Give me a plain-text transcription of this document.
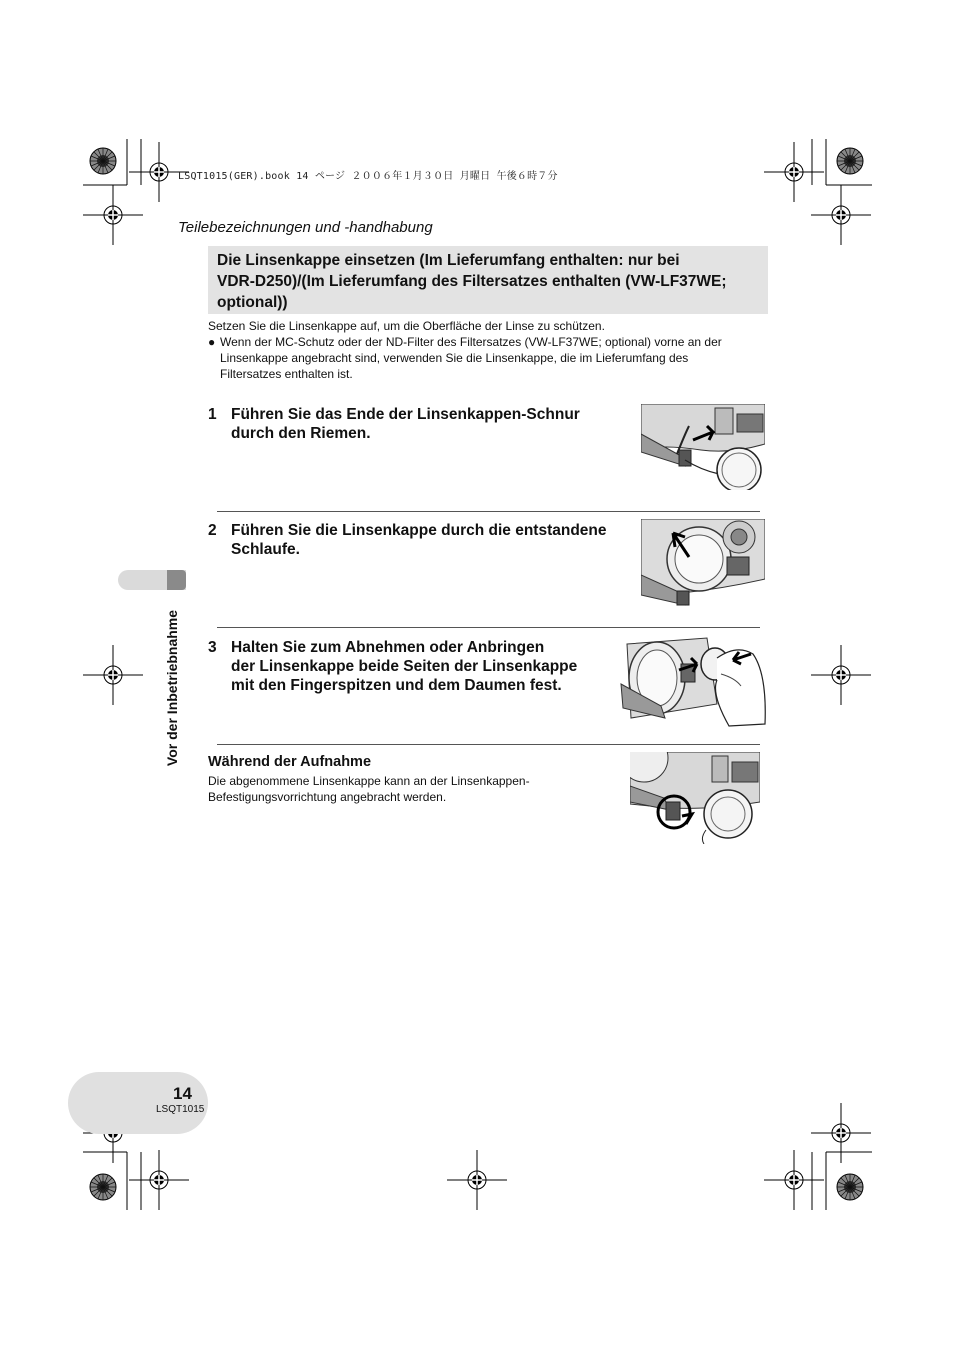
LSQT1015(GER).book 14 ページ ２００６年１月３０日 月曜日 午後６時７分
Teilebezeichnungen und -handhabung
Die Linsenkappe einsetzen (Im Lieferumfang enthalten: nur bei
VDR-D250)/(Im Lieferumfang des Filtersatzes enthalten (VW-LF37WE;
optional))
Setzen Sie die Linsenkappe auf, um die Oberfläche der Linse zu schützen.
● Wenn der MC-Schutz oder der ND-Filter des Filtersatzes (VW-LF37WE; optional) vorne an der
Linsenkappe angebracht sind, verwenden Sie die Linsenkappe, die im Lieferumfang des
Filtersatzes enthalten ist.
1 Führen Sie das Ende der Linsenkappen-Schnur
durch den Riemen.
2 Führen Sie die Linsenkappe durch die entstandene
Schlaufe.
3 Halten Sie zum Abnehmen oder Anbringen
der Linsenkappe beide Seiten der Linsenkappe
mit den Fingerspitzen und dem Daumen fest.
Während der Aufnahme
Die abgenommene Linsenkappe kann an der Linsenkappen-
Befestigungsvorrichtung angebracht werden.
Vor der Inbetriebnahme
14
LSQT1015
